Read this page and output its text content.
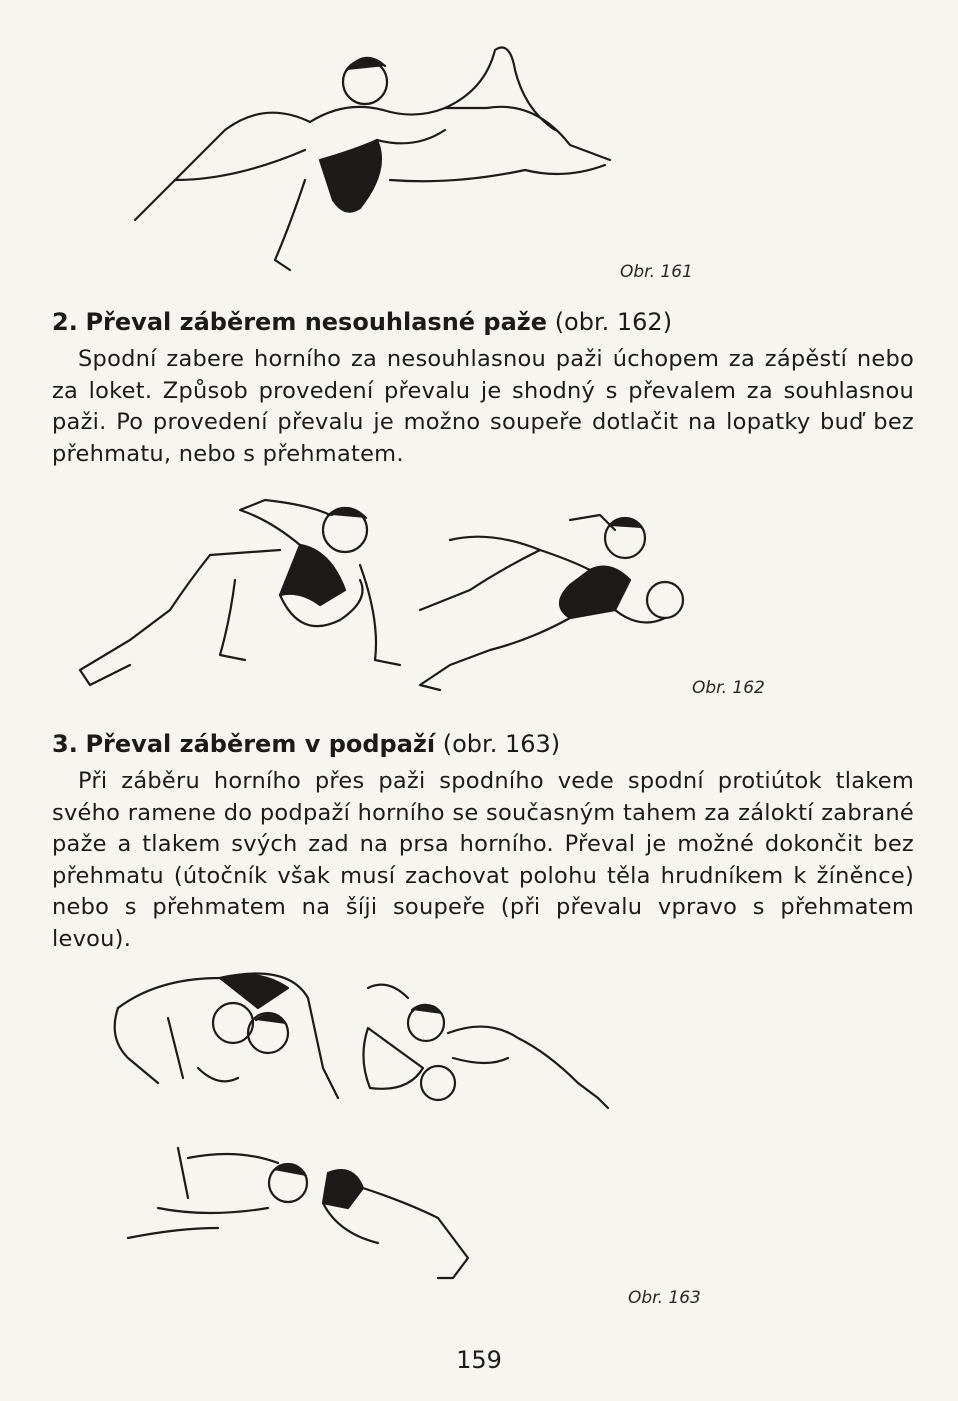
Obr. 161
2. Převal záběrem nesouhlasné paže (obr. 162)

Spodní zabere horního za nesouhlasnou paži úchopem za zápěstí nebo za loket. Způsob provedení převalu je shodný s převalem za souhlasnou paži. Po provedení převalu je možno soupeře dotlačit na lopatky buď bez přehmatu, nebo s přehmatem.

Obr. 162
3. Převal záběrem v podpaží (obr. 163)

Při záběru horního přes paži spodního vede spodní protiútok tlakem svého ramene do podpaží horního se současným tahem za záloktí zabrané paže a tlakem svých zad na prsa horního. Převal je možné dokončit bez přehmatu (útočník však musí zachovat polohu těla hrudníkem k žíněnce) nebo s přehmatem na šíji soupeře (při převalu vpravo s přehmatem levou).

Obr. 163
159
